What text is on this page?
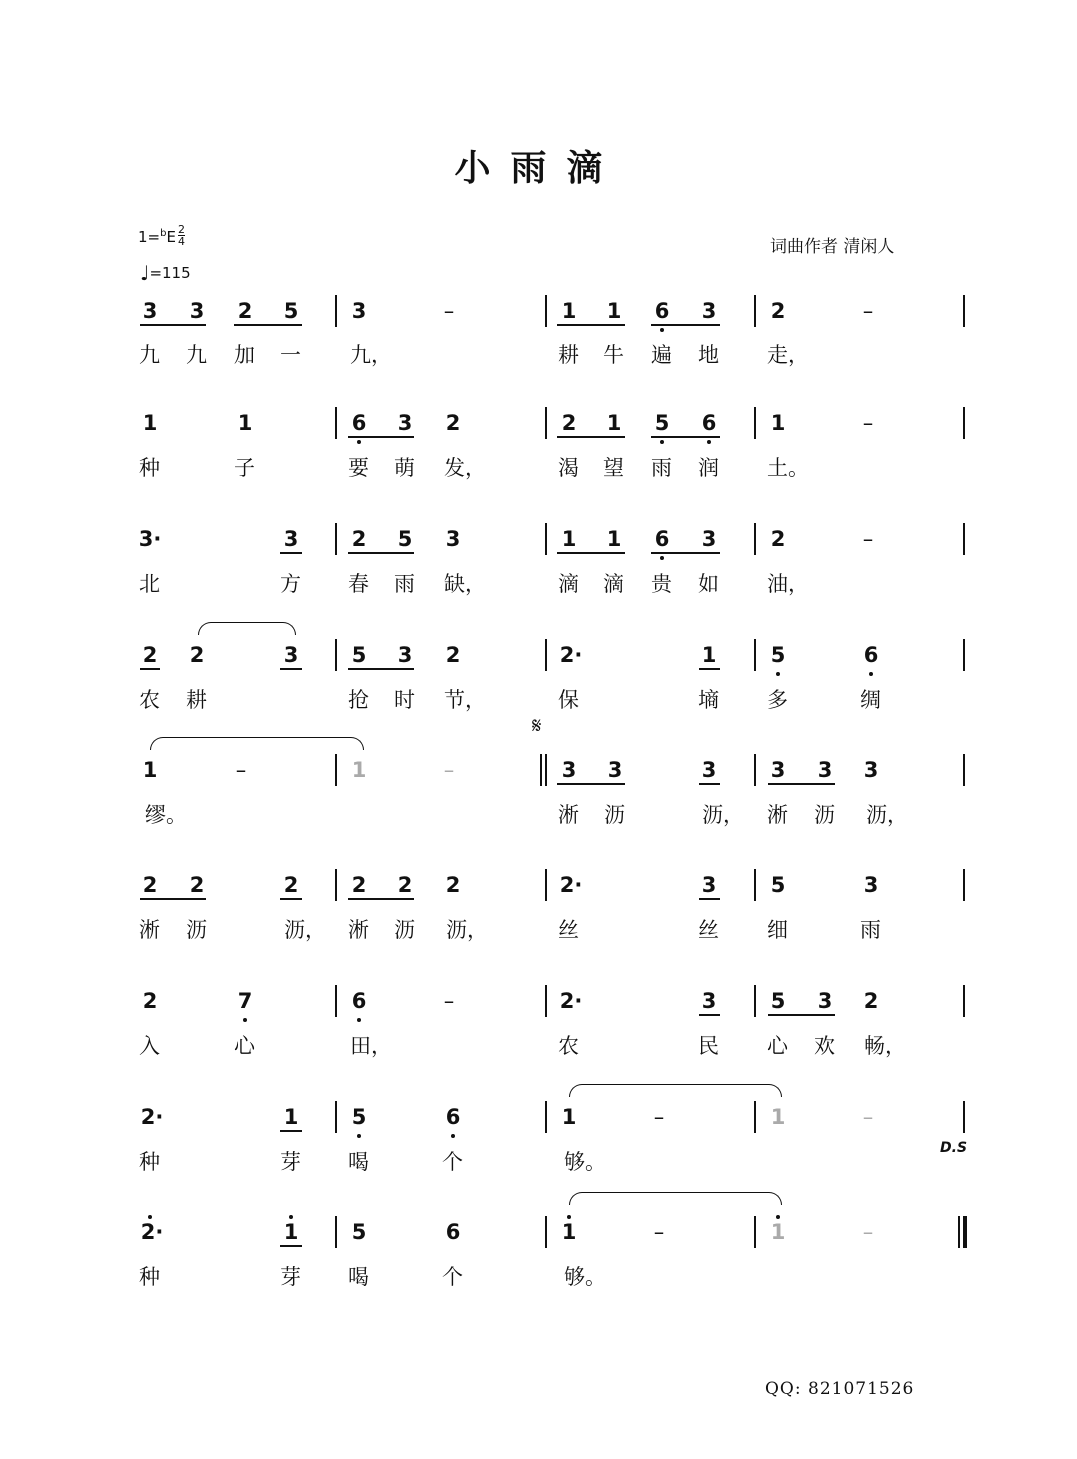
小雨滴
$1=^bE \frac{2}{4}$
♩=115
词曲作者 清闲人
3	3	2	5	3	–	1	1	6	3	2	–
九	九	加	一	九，	耕	牛	遍	地	走，
1	1	6	3	2	2	1	5	6	1	–
种	子	要	萌	发，	渴	望	雨	润	土。
3·	3	2	5	3	1	1	6	3	2	–
北	方	春	雨	缺，	滴	滴	贵	如	油，
2	2	3	5	3	2	2·	1	5	6
农	耕	抢	时	节，	保	墒	多	绸
1	–	1	–	3	3	3	3	3	3
缪。	淅	沥	沥，	淅	沥	沥，
2	2	2	2	2	2	2·	3	5	3
淅	沥	沥，	淅	沥	沥，	丝	丝	细	雨
2	7	6	–	2·	3	5	3	2
入	心	田，	农	民	心	欢	畅，
2·	1	5	6	1	–	1	–
种	芽	喝	个	够。
2·	1	5	6	1	–	1	–
种	芽	喝	个	够。
𝄋
D.S
QQ: 821071526
